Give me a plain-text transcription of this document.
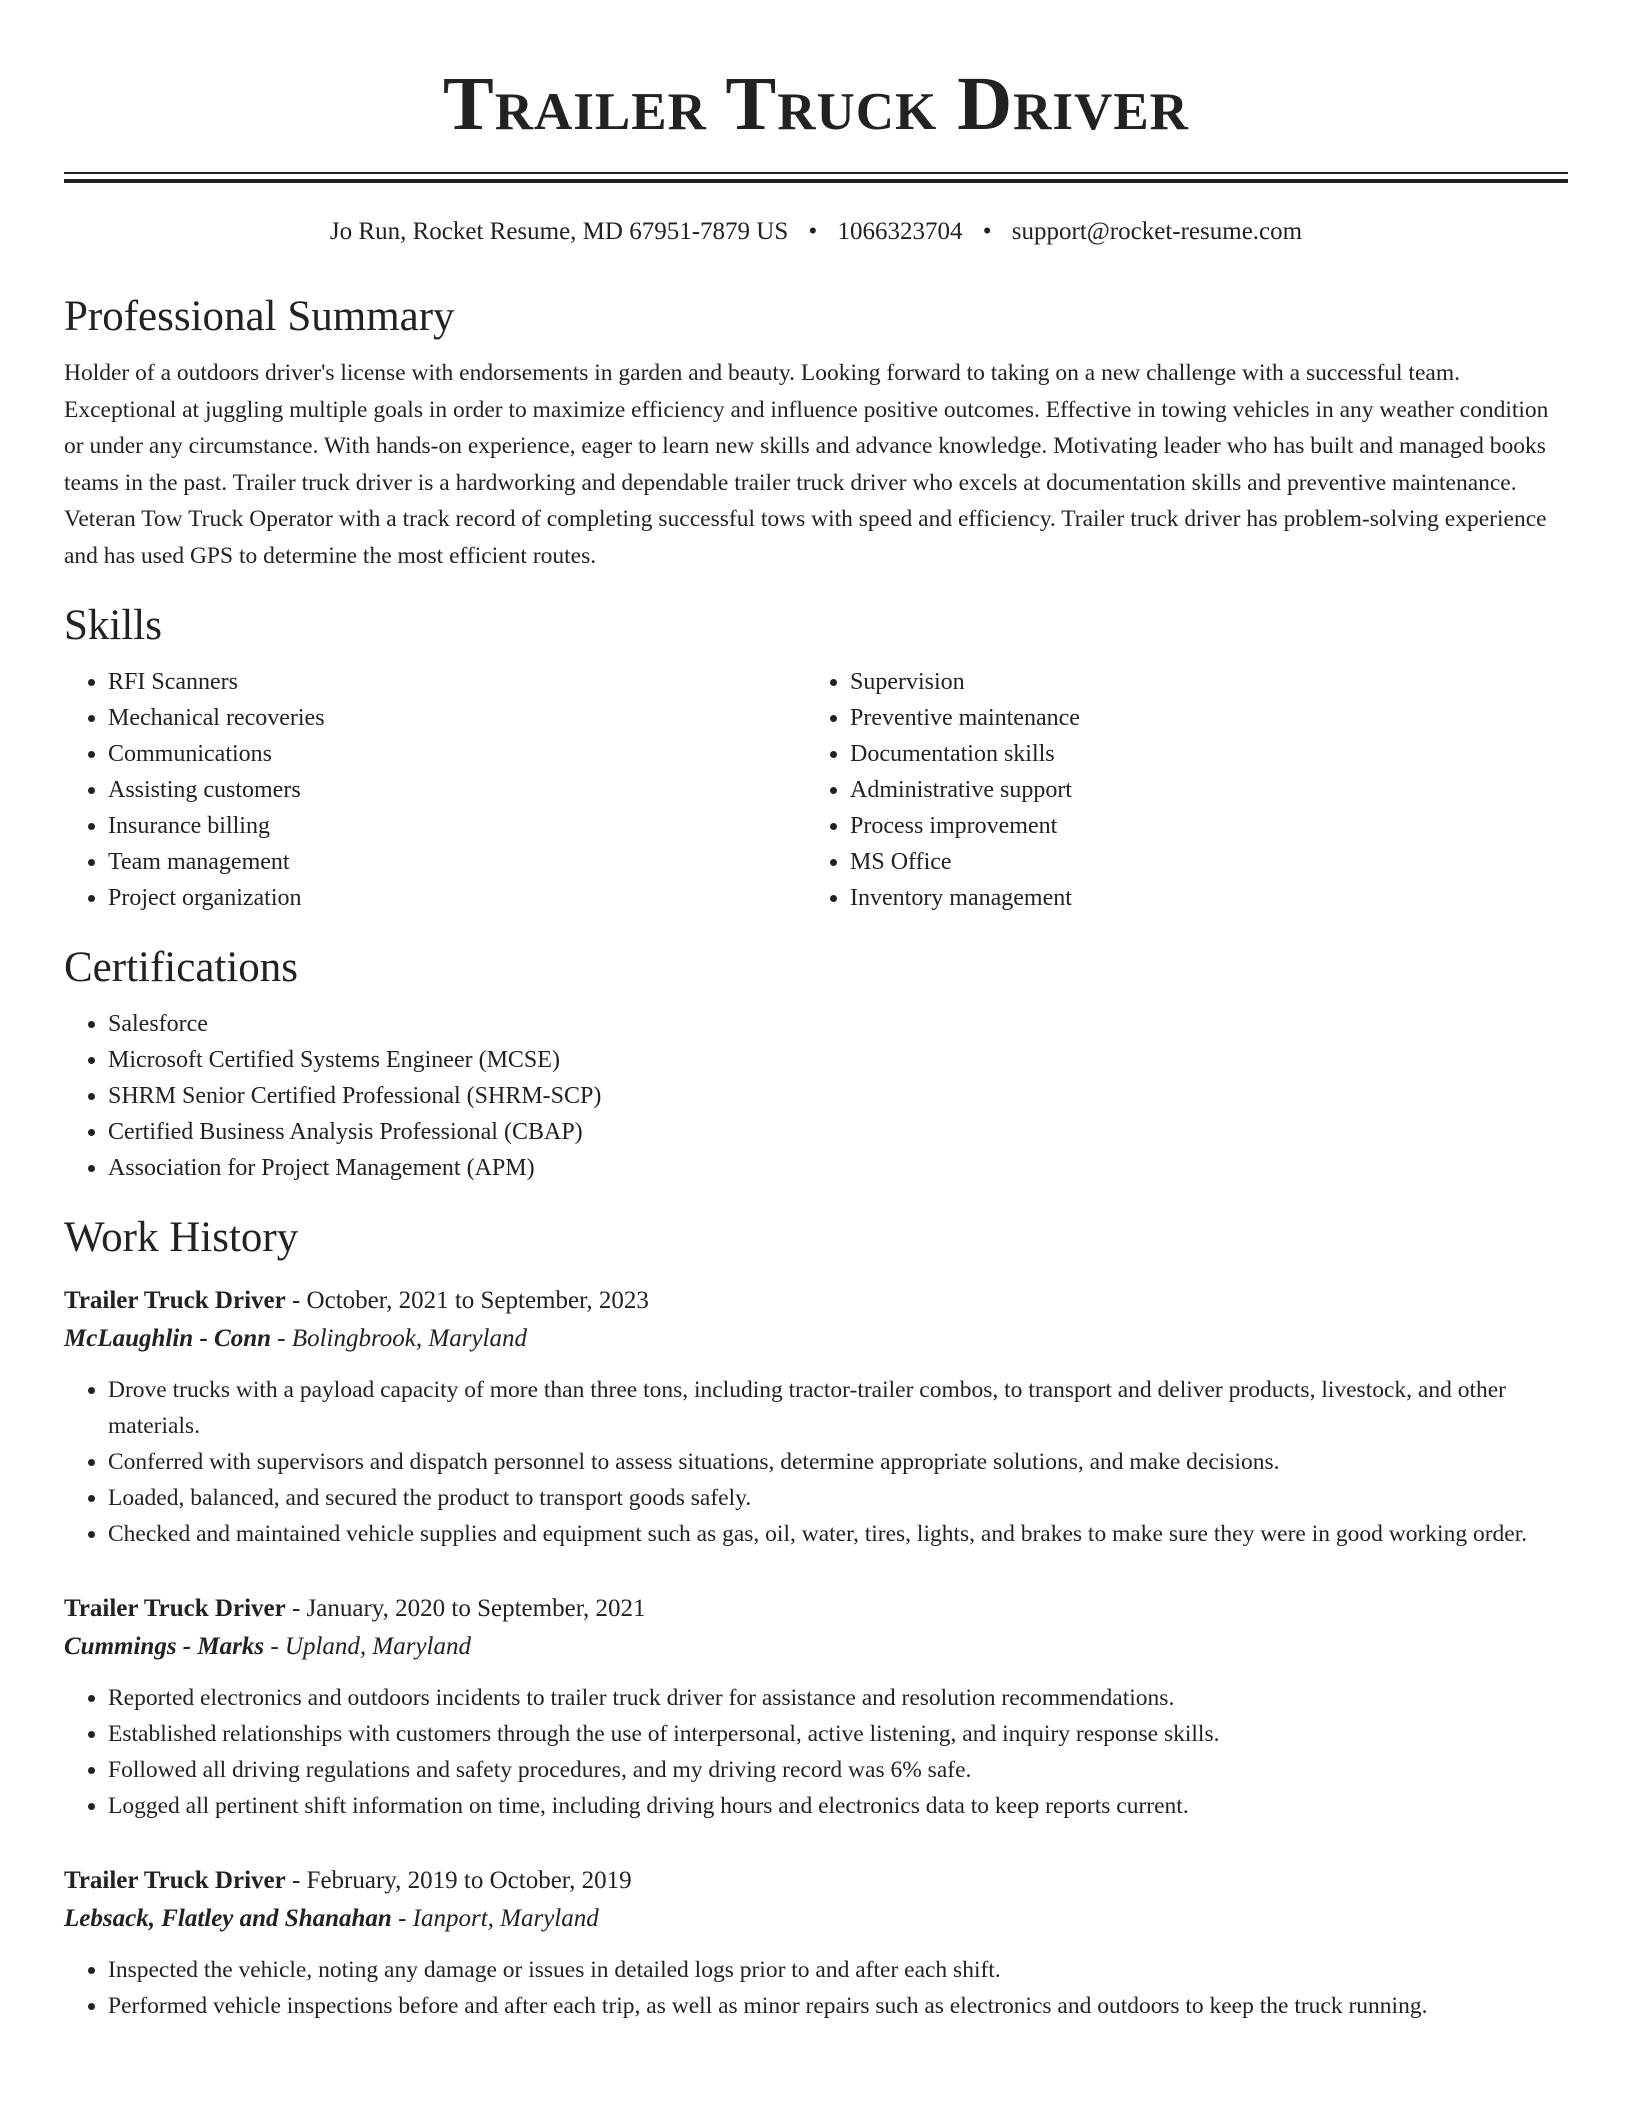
Trailer Truck Driver
Jo Run, Rocket Resume, MD 67951-7879 US • 1066323704 • support@rocket-resume.com
Professional Summary

Holder of a outdoors driver's license with endorsements in garden and beauty. Looking forward to taking on a new challenge with a successful team. Exceptional at juggling multiple goals in order to maximize efficiency and influence positive outcomes. Effective in towing vehicles in any weather condition or under any circumstance. With hands-on experience, eager to learn new skills and advance knowledge. Motivating leader who has built and managed books teams in the past. Trailer truck driver is a hardworking and dependable trailer truck driver who excels at documentation skills and preventive maintenance. Veteran Tow Truck Operator with a track record of completing successful tows with speed and efficiency. Trailer truck driver has problem-solving experience and has used GPS to determine the most efficient routes.

Skills
• RFI Scanners
• Mechanical recoveries
• Communications
• Assisting customers
• Insurance billing
• Team management
• Project organization
• Supervision
• Preventive maintenance
• Documentation skills
• Administrative support
• Process improvement
• MS Office
• Inventory management
Certifications
• Salesforce
• Microsoft Certified Systems Engineer (MCSE)
• SHRM Senior Certified Professional (SHRM-SCP)
• Certified Business Analysis Professional (CBAP)
• Association for Project Management (APM)
Work History
Trailer Truck Driver - October, 2021 to September, 2023
McLaughlin - Conn - Bolingbrook, Maryland
• Drove trucks with a payload capacity of more than three tons, including tractor-trailer combos, to transport and deliver products, livestock, and other materials.
• Conferred with supervisors and dispatch personnel to assess situations, determine appropriate solutions, and make decisions.
• Loaded, balanced, and secured the product to transport goods safely.
• Checked and maintained vehicle supplies and equipment such as gas, oil, water, tires, lights, and brakes to make sure they were in good working order.
Trailer Truck Driver - January, 2020 to September, 2021
Cummings - Marks - Upland, Maryland
• Reported electronics and outdoors incidents to trailer truck driver for assistance and resolution recommendations.
• Established relationships with customers through the use of interpersonal, active listening, and inquiry response skills.
• Followed all driving regulations and safety procedures, and my driving record was 6% safe.
• Logged all pertinent shift information on time, including driving hours and electronics data to keep reports current.
Trailer Truck Driver - February, 2019 to October, 2019
Lebsack, Flatley and Shanahan - Ianport, Maryland
• Inspected the vehicle, noting any damage or issues in detailed logs prior to and after each shift.
• Performed vehicle inspections before and after each trip, as well as minor repairs such as electronics and outdoors to keep the truck running.
